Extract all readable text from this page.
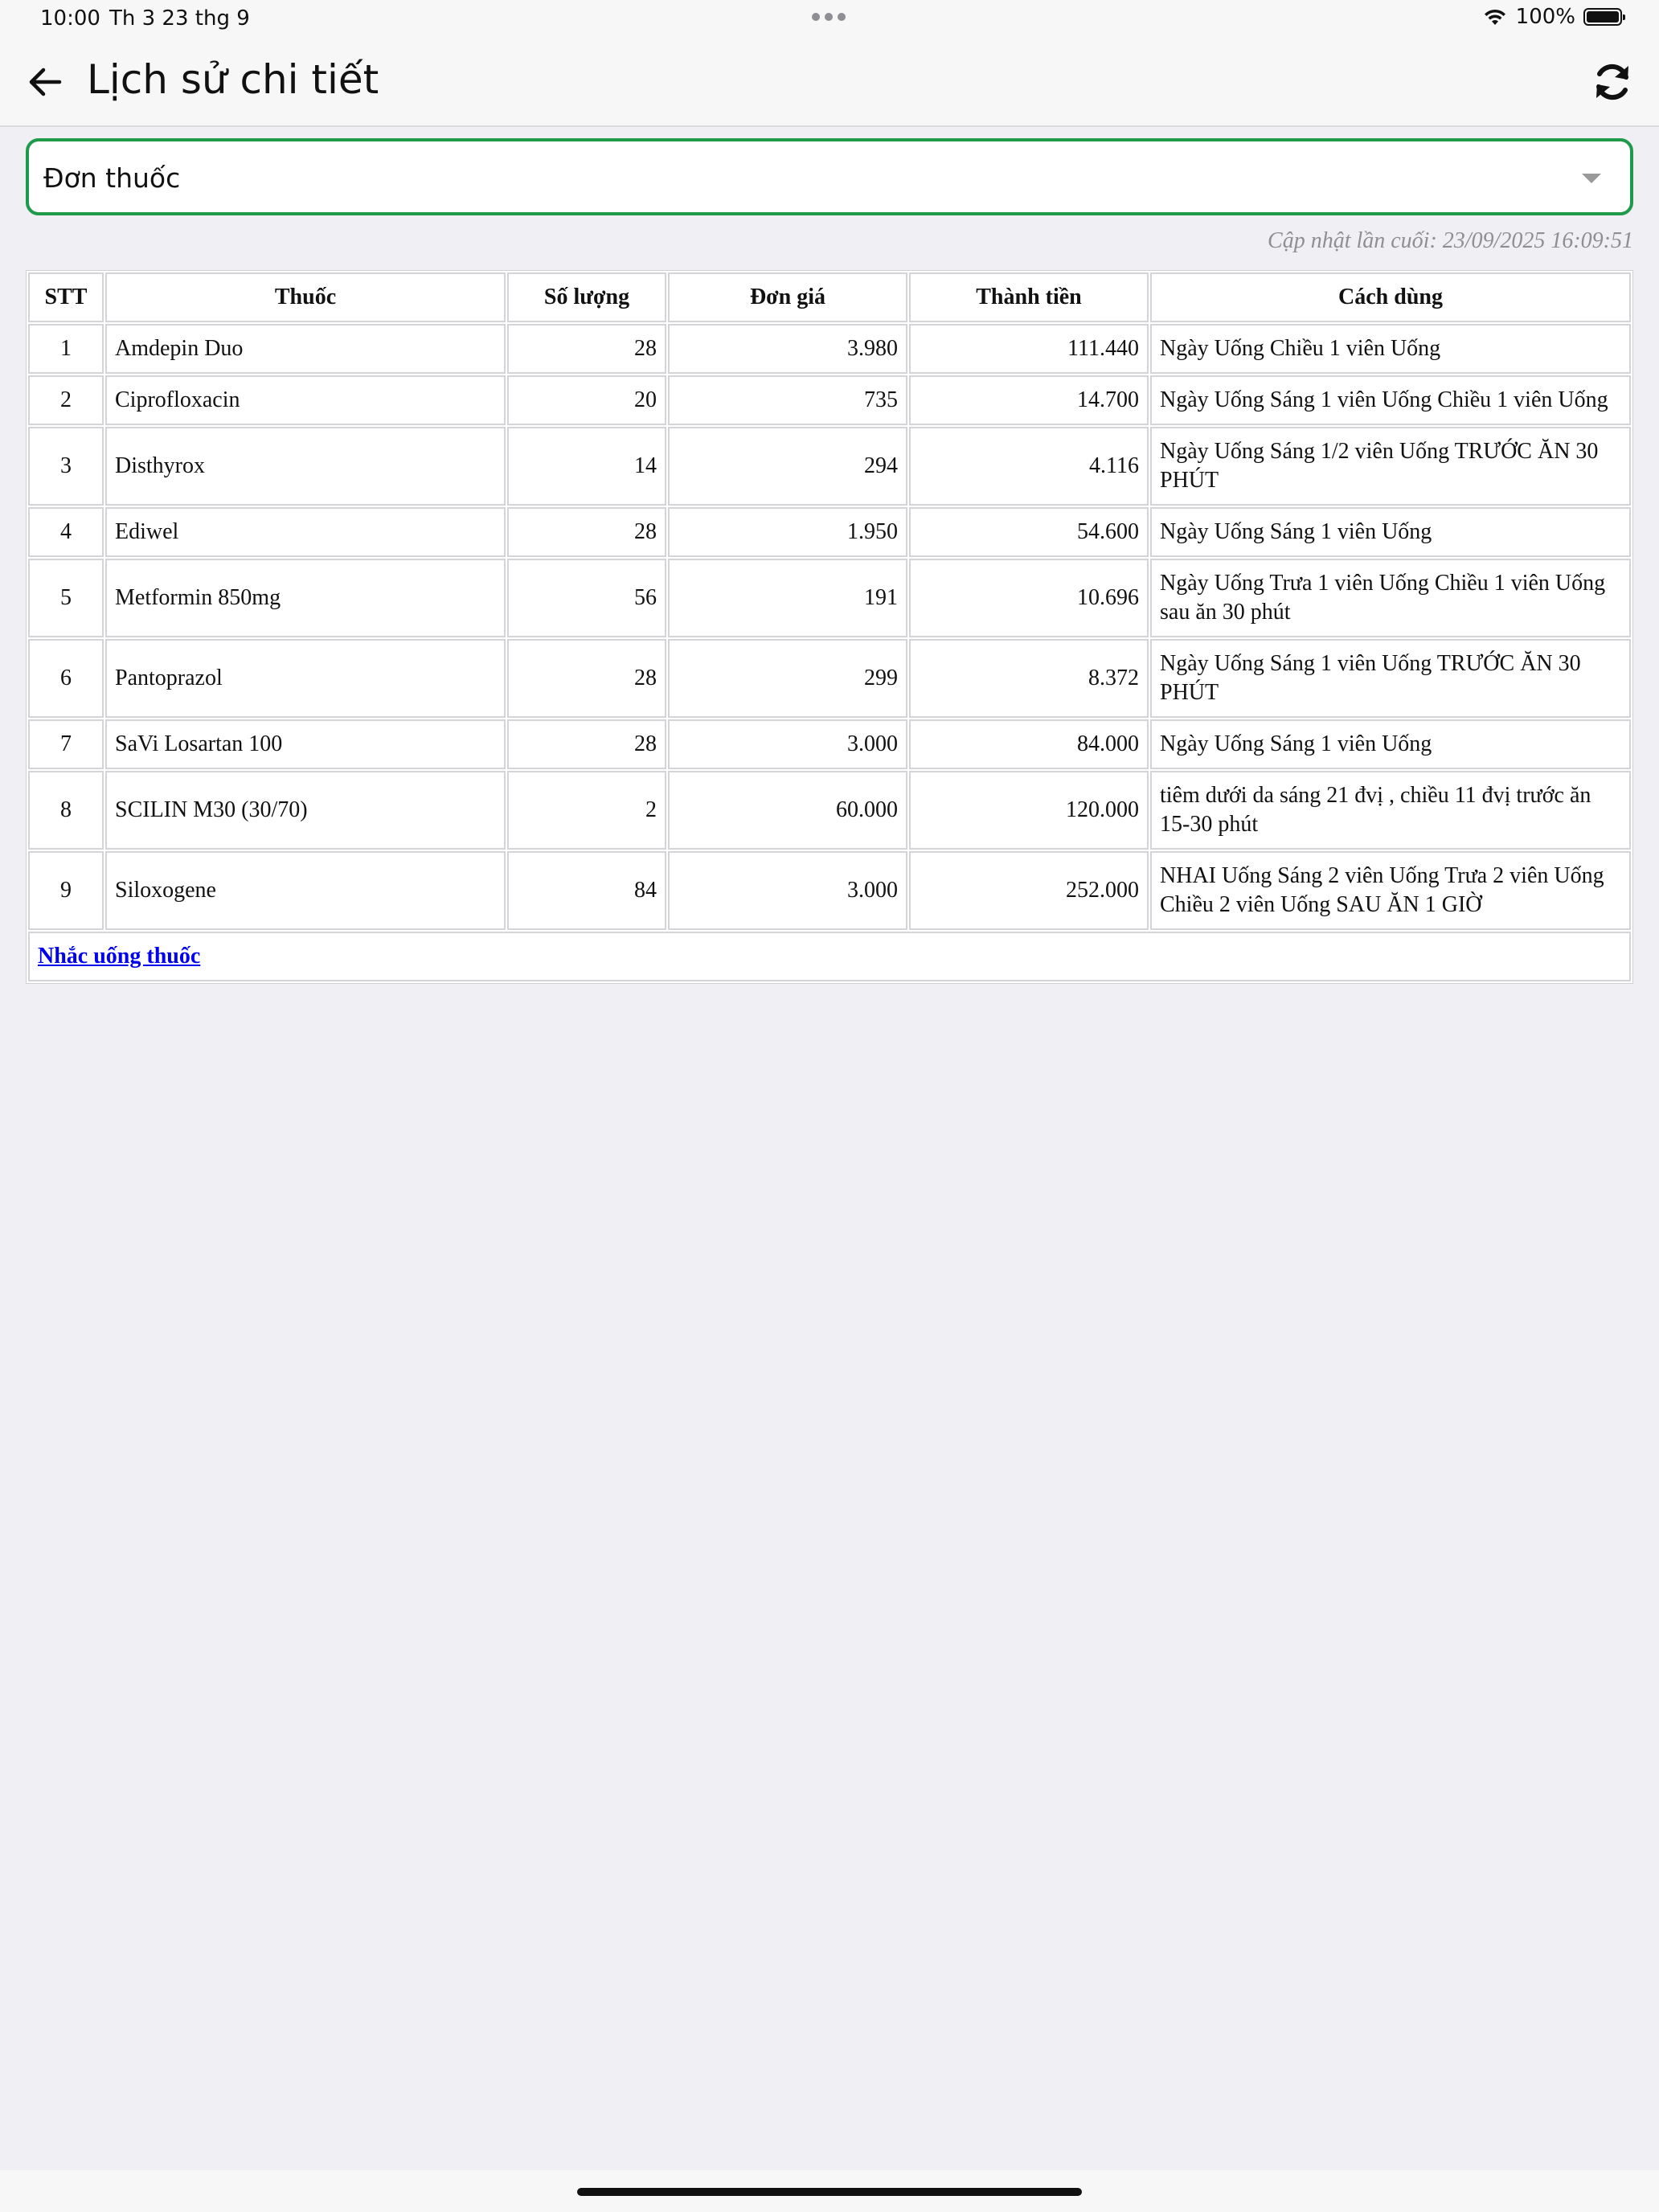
10:00 Th 3 23 thg 9	100%
Lịch sử chi tiết
Đơn thuốc
Cập nhật lần cuối: 23/09/2025 16:09:51
STT	Thuốc	Số lượng	Đơn giá	Thành tiền	Cách dùng
1	Amdepin Duo	28	3.980	111.440	Ngày Uống Chiều 1 viên Uống
2	Ciprofloxacin	20	735	14.700	Ngày Uống Sáng 1 viên Uống Chiều 1 viên Uống
3	Disthyrox	14	294	4.116	Ngày Uống Sáng 1/2 viên Uống TRƯỚC ĂN 30 PHÚT
4	Ediwel	28	1.950	54.600	Ngày Uống Sáng 1 viên Uống
5	Metformin 850mg	56	191	10.696	Ngày Uống Trưa 1 viên Uống Chiều 1 viên Uống sau ăn 30 phút
6	Pantoprazol	28	299	8.372	Ngày Uống Sáng 1 viên Uống TRƯỚC ĂN 30 PHÚT
7	SaVi Losartan 100	28	3.000	84.000	Ngày Uống Sáng 1 viên Uống
8	SCILIN M30 (30/70)	2	60.000	120.000	tiêm dưới da sáng 21 đvị , chiều 11 đvị trước ăn 15-30 phút
9	Siloxogene	84	3.000	252.000	NHAI Uống Sáng 2 viên Uống Trưa 2 viên Uống Chiều 2 viên Uống SAU ĂN 1 GIỜ
Nhắc uống thuốc					
